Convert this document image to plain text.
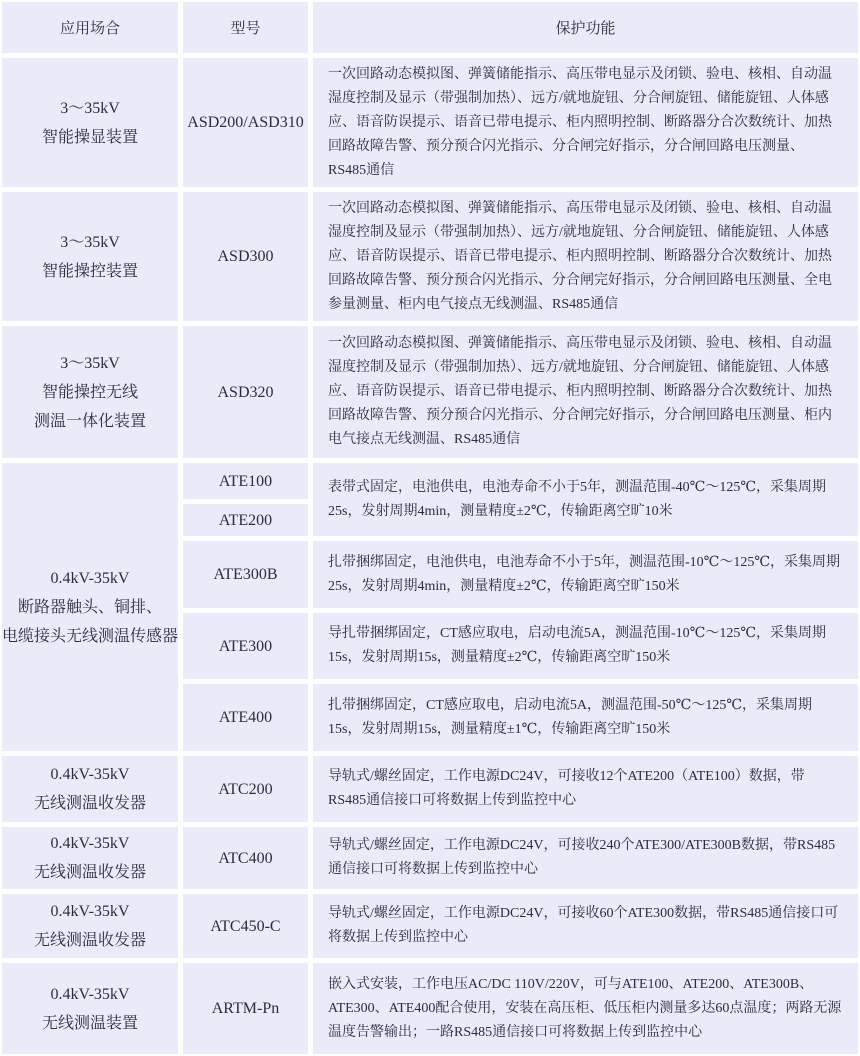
应用场合	型号	保护功能

3～35kV
智能操显装置	ASD200/ASD310	一次回路动态模拟图、弹簧储能指示、高压带电显示及闭锁、验电、核相、自动温湿度控制及显示（带强制加热）、远方/就地旋钮、分合闸旋钮、储能旋钮、人体感应、语音防误提示、语音已带电提示、柜内照明控制、断路器分合次数统计、加热回路故障告警、预分预合闪光指示、分合闸完好指示，分合闸回路电压测量、RS485通信

3～35kV
智能操控装置	ASD300	一次回路动态模拟图、弹簧储能指示、高压带电显示及闭锁、验电、核相、自动温湿度控制及显示（带强制加热）、远方/就地旋钮、分合闸旋钮、储能旋钮、人体感应、语音防误提示、语音已带电提示、柜内照明控制、断路器分合次数统计、加热回路故障告警、预分预合闪光指示、分合闸完好指示，分合闸回路电压测量、全电参量测量、柜内电气接点无线测温、RS485通信

3～35kV
智能操控无线
测温一体化装置	ASD320	一次回路动态模拟图、弹簧储能指示、高压带电显示及闭锁、验电、核相、自动温湿度控制及显示（带强制加热）、远方/就地旋钮、分合闸旋钮、储能旋钮、人体感应、语音防误提示、语音已带电提示、柜内照明控制、断路器分合次数统计、加热回路故障告警、预分预合闪光指示、分合闸完好指示，分合闸回路电压测量、柜内电气接点无线测温、RS485通信

0.4kV-35kV
断路器触头、铜排、
电缆接头无线测温传感器	ATE100	表带式固定，电池供电，电池寿命不小于5年，测温范围-40℃～125℃，采集周期25s，发射周期4min，测量精度±2℃，传输距离空旷10米
	ATE200	
	ATE300B	扎带捆绑固定，电池供电，电池寿命不小于5年，测温范围-10℃～125℃，采集周期25s，发射周期4min，测量精度±2℃，传输距离空旷150米
	ATE300	导扎带捆绑固定，CT感应取电，启动电流5A，测温范围-10℃～125℃，采集周期15s，发射周期15s，测量精度±2℃，传输距离空旷150米
	ATE400	扎带捆绑固定，CT感应取电，启动电流5A，测温范围-50℃～125℃，采集周期15s，发射周期15s，测量精度±1℃，传输距离空旷150米

0.4kV-35kV
无线测温收发器	ATC200	导轨式/螺丝固定，工作电源DC24V，可接收12个ATE200（ATE100）数据，带RS485通信接口可将数据上传到监控中心

0.4kV-35kV
无线测温收发器	ATC400	导轨式/螺丝固定，工作电源DC24V，可接收240个ATE300/ATE300B数据，带RS485通信接口可将数据上传到监控中心

0.4kV-35kV
无线测温收发器	ATC450-C	导轨式/螺丝固定，工作电源DC24V，可接收60个ATE300数据，带RS485通信接口可将数据上传到监控中心

0.4kV-35kV
无线测温装置	ARTM-Pn	嵌入式安装，工作电压AC/DC 110V/220V，可与ATE100、ATE200、ATE300B、ATE300、ATE400配合使用，安装在高压柜、低压柜内测量多达60点温度；两路无源温度告警输出；一路RS485通信接口可将数据上传到监控中心
